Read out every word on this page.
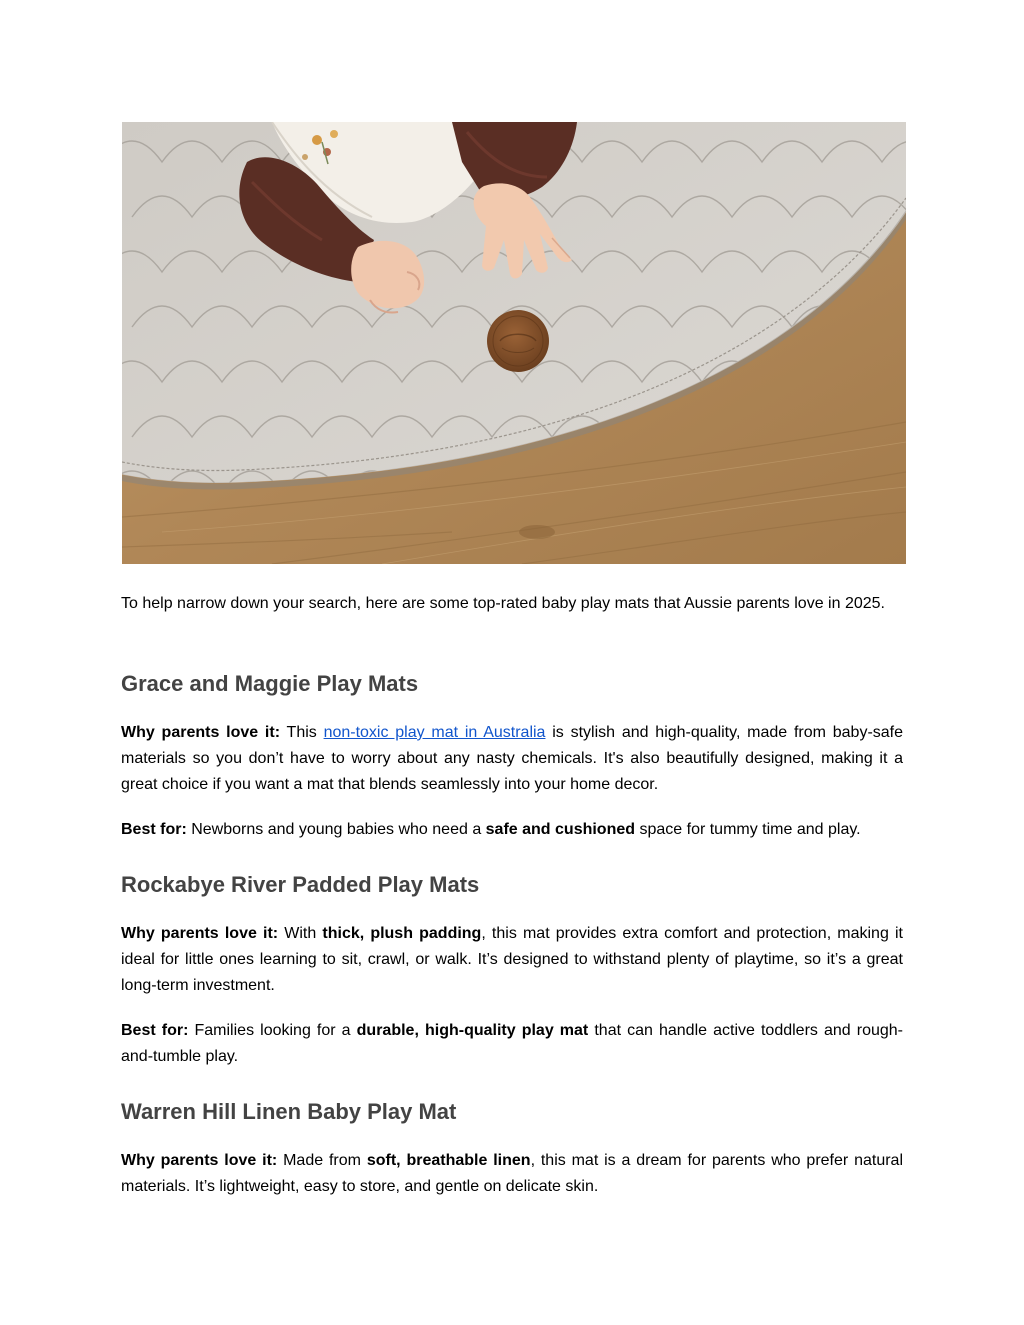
To help narrow down your search, here are some top-rated baby play mats that Aussie parents love in 2025.

Grace and Maggie Play Mats

Why parents love it: This non-toxic play mat in Australia is stylish and high-quality, made from baby-safe materials so you don’t have to worry about any nasty chemicals. It's also beautifully designed, making it a great choice if you want a mat that blends seamlessly into your home decor.

Best for: Newborns and young babies who need a safe and cushioned space for tummy time and play.

Rockabye River Padded Play Mats

Why parents love it: With thick, plush padding, this mat provides extra comfort and protection, making it ideal for little ones learning to sit, crawl, or walk. It’s designed to withstand plenty of playtime, so it’s a great long-term investment.

Best for: Families looking for a durable, high-quality play mat that can handle active toddlers and rough-and-tumble play.

Warren Hill Linen Baby Play Mat

Why parents love it: Made from soft, breathable linen, this mat is a dream for parents who prefer natural materials. It’s lightweight, easy to store, and gentle on delicate skin.
